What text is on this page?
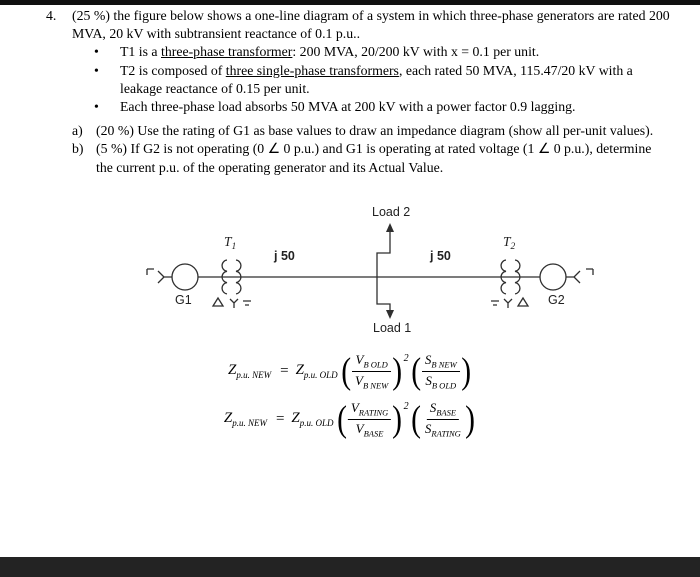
4.	(25 %) the figure below shows a one-line diagram of a system in which three-phase generators are rated 200 MVA, 20 kV with subtransient reactance of 0.1 p.u..
•	T1 is a three-phase transformer: 200 MVA, 20/200 kV with x = 0.1 per unit.
•	T2 is composed of three single-phase transformers, each rated 50 MVA, 115.47/20 kV with a leakage reactance of 0.15 per unit.
•	Each three-phase load absorbs 50 MVA at 200 kV with a power factor 0.9 lagging.
a) (20 %) Use the rating of G1 as base values to draw an impedance diagram (show all per-unit values).
b) (5 %) If G2 is not operating (0 ∠ 0 p.u.) and G1 is operating at rated voltage (1 ∠ 0 p.u.), determine the current p.u. of the operating generator and its Actual Value.
Load 2
Load 1
$T_1$	$T_2$
j 50	j 50
G1	G2
$Z_{p.u. NEW} = Z_{p.u. OLD}$ ( $\frac{V_{B OLD}}{V_{B NEW}} )^2$ ( $\frac{S_{B NEW}}{S_{B OLD}}$ )
$Z_{p.u. NEW} = Z_{p.u. OLD}$ ( $\frac{V_{RATING}}{V_{BASE}} )^2$ ( $\frac{S_{BASE}}{S_{RATING}}$ )
